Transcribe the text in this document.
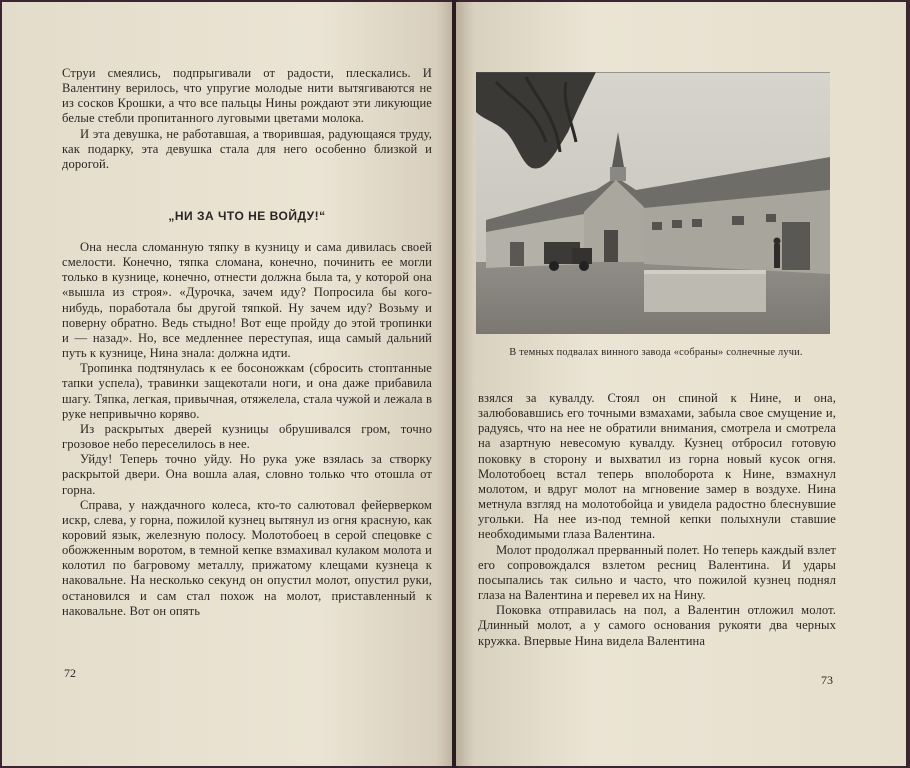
Струи смеялись, подпрыгивали от радости, плескались. И Валентину верилось, что упругие молодые нити вытягиваются не из сосков Крошки, а что все пальцы Нины рождают эти ликующие белые стебли пропитанного луговыми цветами молока.

И эта девушка, не работавшая, а творившая, радующаяся труду, как подарку, эта девушка стала для него особенно близкой и дорогой.

„НИ ЗА ЧТО НЕ ВОЙДУ!“

Она несла сломанную тяпку в кузницу и сама дивилась своей смелости. Конечно, тяпка сломана, конечно, починить ее могли только в кузнице, конечно, отнести должна была та, у которой она «вышла из строя». «Дурочка, зачем иду? Попросила бы кого-нибудь, поработала бы другой тяпкой. Ну зачем иду? Возьму и поверну обратно. Ведь стыдно! Вот еще пройду до этой тропинки и — назад». Но, все медленнее переступая, ища самый дальний путь к кузнице, Нина знала: должна идти.

Тропинка подтянулась к ее босоножкам (сбросить стоптанные тапки успела), травинки защекотали ноги, и она даже прибавила шагу. Тяпка, легкая, привычная, отяжелела, стала чужой и лежала в руке непривычно коряво.

Из раскрытых дверей кузницы обрушивался гром, точно грозовое небо переселилось в нее.

Уйду! Теперь точно уйду. Но рука уже взялась за створку раскрытой двери. Она вошла алая, словно только что отошла от горна.

Справа, у наждачного колеса, кто-то салютовал фейерверком искр, слева, у горна, пожилой кузнец вытянул из огня красную, как коровий язык, железную полосу. Молотобоец в серой спецовке с обожженным воротом, в темной кепке взмахивал кулаком молота и колотил по багровому металлу, прижатому клещами кузнеца к наковальне. На несколько секунд он опустил молот, опустил руки, остановился и сам стал похож на молот, приставленный к наковальне. Вот он опять

72
В темных подвалах винного завода «собраны» солнечные лучи.

взялся за кувалду. Стоял он спиной к Нине, и она, залюбовавшись его точными взмахами, забыла свое смущение и, радуясь, что на нее не обратили внимания, смотрела и смотрела на азартную невесомую кувалду. Кузнец отбросил готовую поковку в сторону и выхватил из горна новый кусок огня. Молотобоец встал теперь вполоборота к Нине, взмахнул молотом, и вдруг молот на мгновение замер в воздухе. Нина метнула взгляд на молотобойца и увидела радостно блеснувшие угольки. На нее из-под темной кепки полыхнули ставшие необходимыми глаза Валентина.

Молот продолжал прерванный полет. Но теперь каждый взлет его сопровождался взлетом ресниц Валентина. И удары посыпались так сильно и часто, что пожилой кузнец поднял глаза на Валентина и перевел их на Нину.

Поковка отправилась на пол, а Валентин отложил молот. Длинный молот, а у самого основания рукояти два черных кружка. Впервые Нина видела Валентина

73
